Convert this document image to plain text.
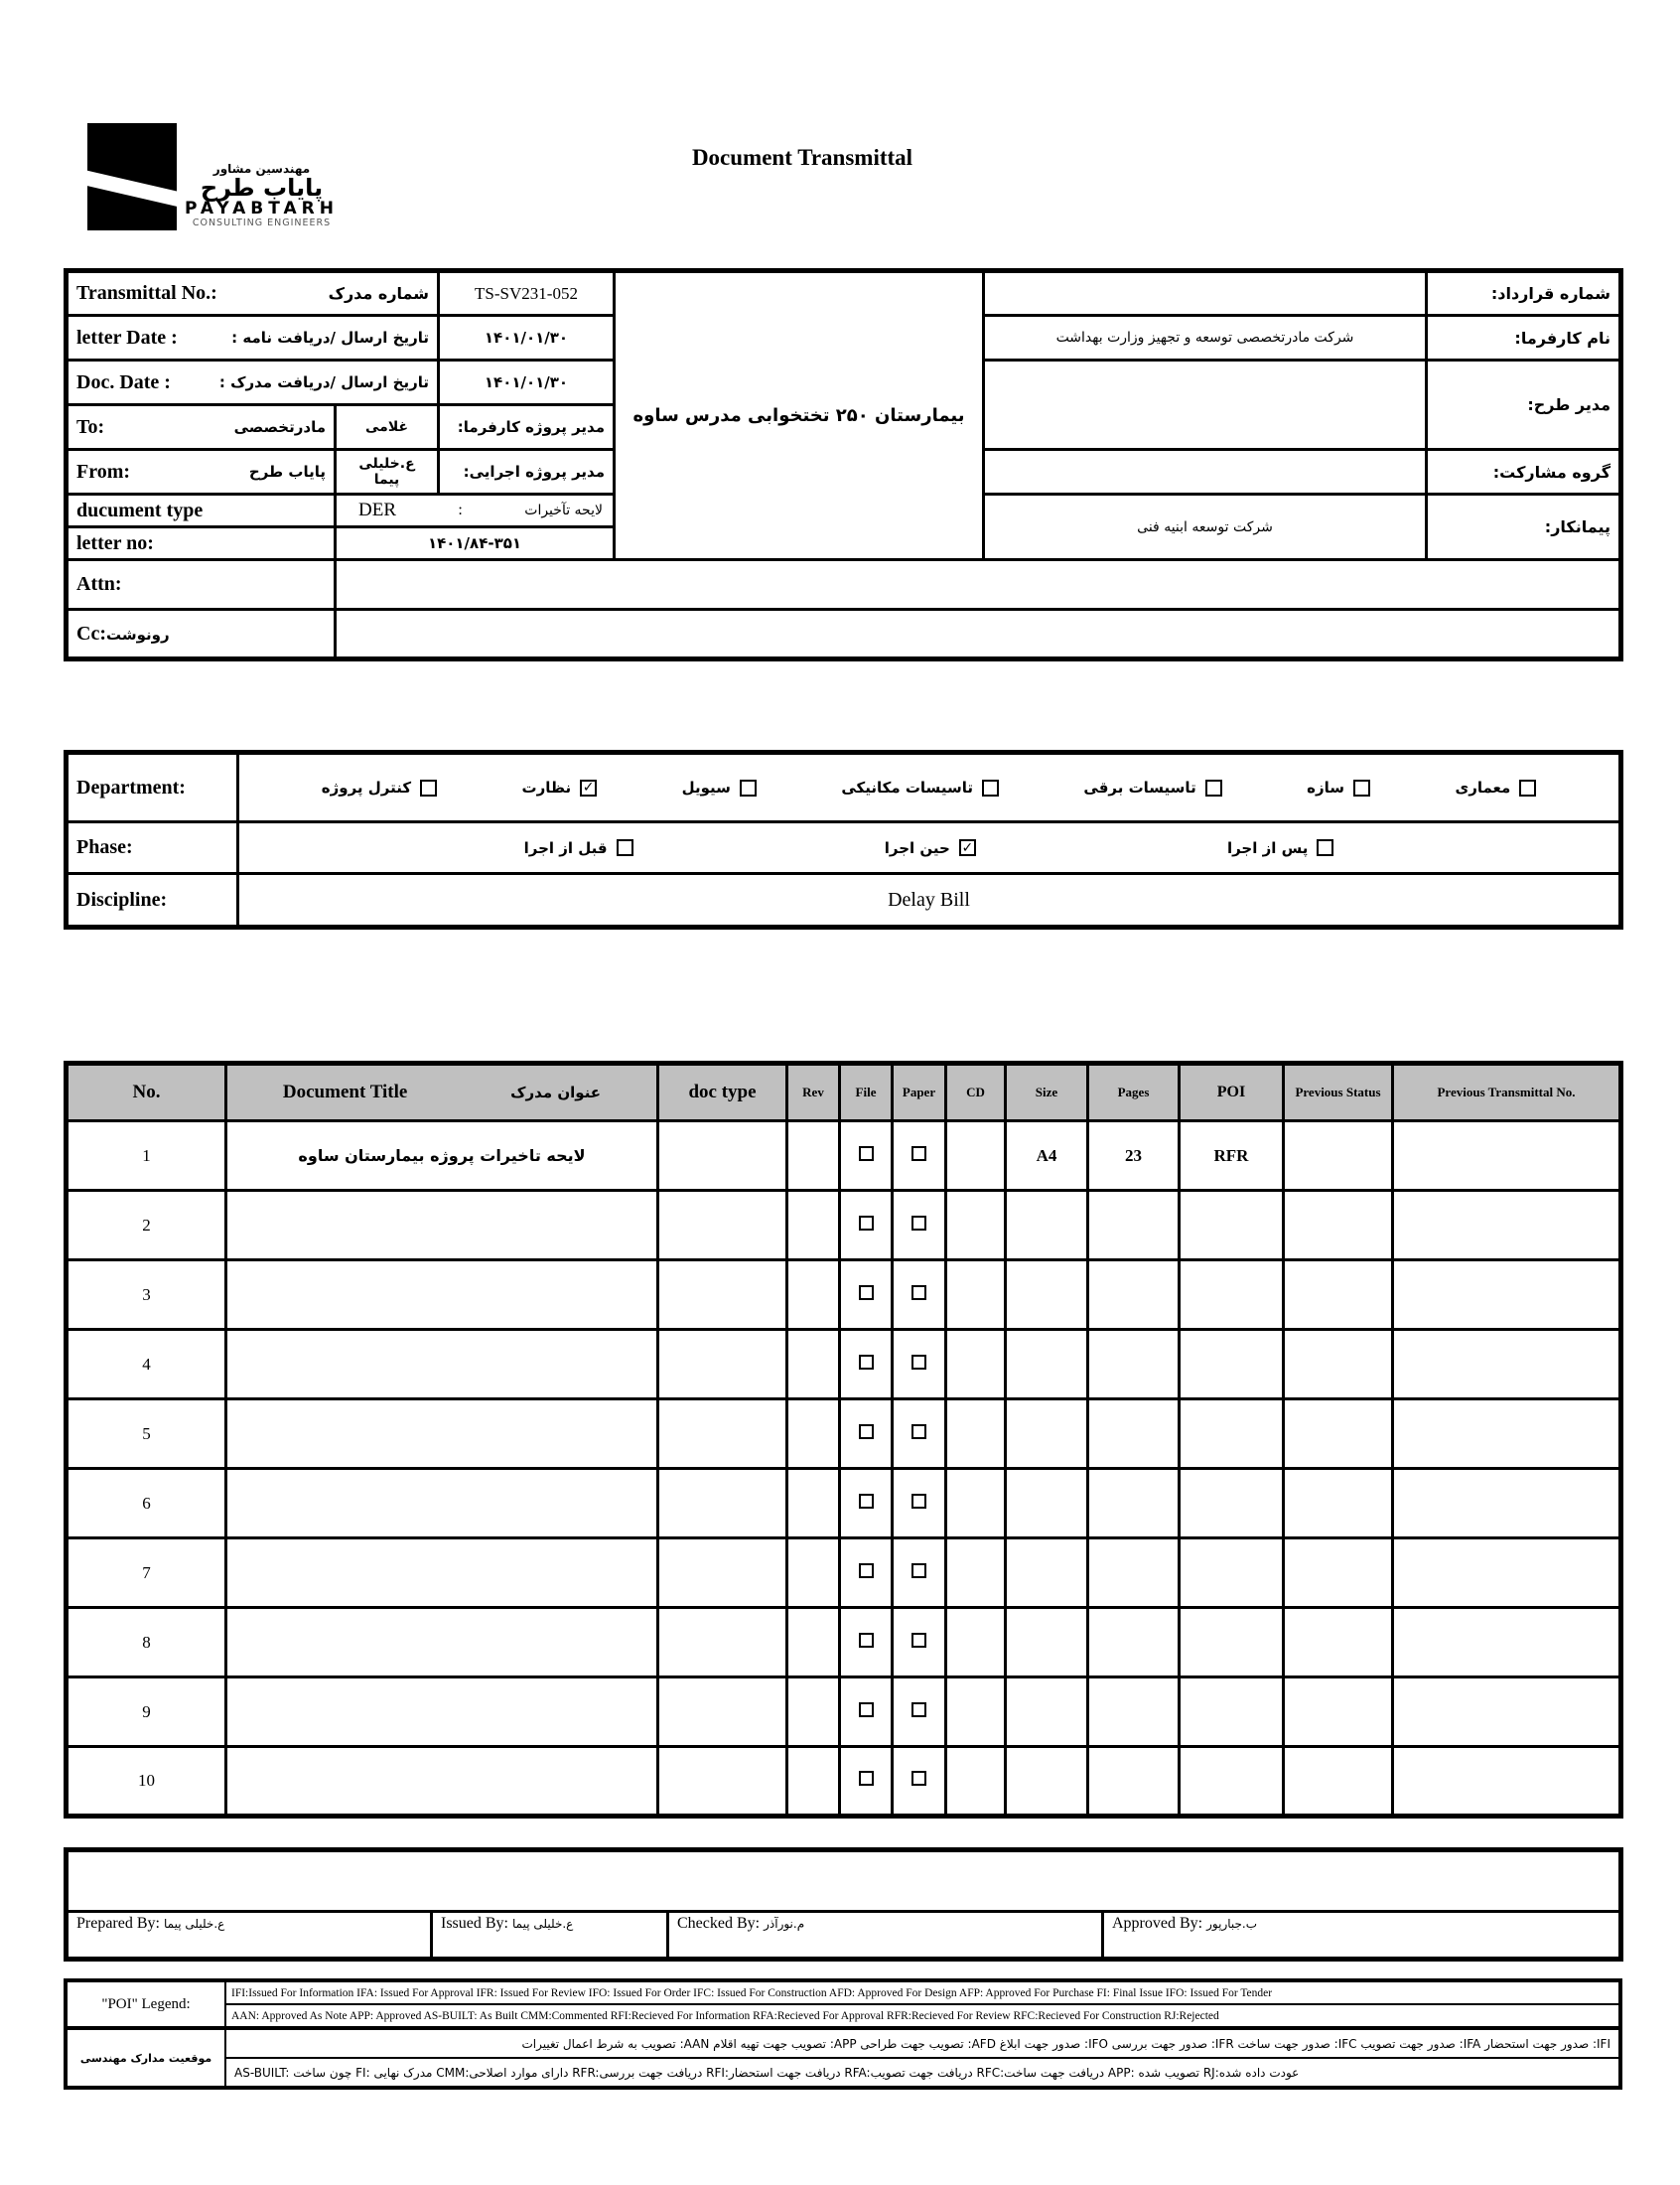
مهندسین مشاور
پایاب طرح
PAYABTARH
CONSULTING ENGINEERS
Document Transmittal
Transmittal No.: شماره مدرک		TS-SV231-052	بیمارستان ۲۵۰ تختخوابی مدرس ساوه		شماره قرارداد:

letter Date : تاریخ ارسال /دریافت نامه :		۱۴۰۱/۰۱/۳۰		شرکت مادرتخصصی توسعه و تجهیز وزارت بهداشت	نام کارفرما:

Doc. Date : تاریخ ارسال /دریافت مدرک :		۱۴۰۱/۰۱/۳۰			مدیر طرح:

To: مادرتخصصی	غلامی	مدیر پروژه کارفرما:			

From: پایاب طرح	ع.خلیلی پیما	مدیر پروژه اجرایی:			گروه مشارکت:
ducument type	DER : لایحه تآخیرات			شرکت توسعه ابنیه فنی	پیمانکار:
letter no:	۱۴۰۱/۸۴-۳۵۱				
Attn:					
Cc:رونوشت					
Department:	معماری
سازه
تاسیسات برقی
تاسیسات مکانیکی
سیویل
✓
نظارت
کنترل پروژه

Phase:	پس از اجرا
✓
حین اجرا
قبل از اجرا

Discipline:	Delay Bill
No.	Document Title عنوان مدرک	doc type	Rev	File	Paper	CD	Size	Pages	POI	Previous Status	Previous Transmittal No.
1	لایحه تاخیرات پروژه بیمارستان ساوه						A4	23	RFR		
2											
3											
4											
5											
6											
7											
8											
9											
10											

Prepared By: ع.خلیلی پیما	Issued By: ع.خلیلی پیما	Checked By: م.نورآذر	Approved By: ب.جبارپور
"POI" Legend:	IFI:Issued For Information IFA: Issued For Approval IFR: Issued For Review IFO: Issued For Order IFC: Issued For Construction AFD: Approved For Design AFP: Approved For Purchase FI: Final Issue IFO: Issued For Tender
	AAN: Approved As Note APP: Approved AS-BUILT: As Built CMM:Commented RFI:Recieved For Information RFA:Recieved For Approval RFR:Recieved For Review RFC:Recieved For Construction RJ:Rejected
موقعیت مدارک مهندسی	IFI: صدور جهت استحضار IFA: صدور جهت تصویب IFC: صدور جهت ساخت IFR: صدور جهت بررسی IFO: صدور جهت ابلاغ AFD: تصویب جهت طراحی APP: تصویب جهت تهیه اقلام AAN: تصویب به شرط اعمال تغییرات
	AS-BUILT: چون ساخت FI: مدرک نهایی CMM:دارای موارد اصلاحی RFR:دریافت جهت بررسی RFI:دریافت جهت استحضار RFA:دریافت جهت تصویب RFC:دریافت جهت ساخت APP: تصویب شده RJ:عودت داده شده
